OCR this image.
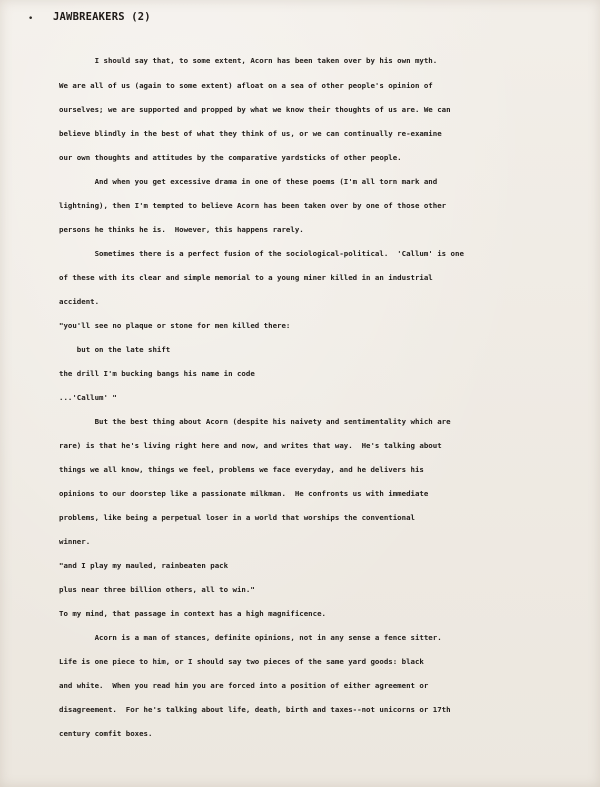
• JAWBREAKERS (2)
I should say that, to some extent, Acorn has been taken over by his own myth.
We are all of us (again to some extent) afloat on a sea of other people's opinion of
ourselves; we are supported and propped by what we know their thoughts of us are. We can
believe blindly in the best of what they think of us, or we can continually re-examine
our own thoughts and attitudes by the comparative yardsticks of other people.
And when you get excessive drama in one of these poems (I'm all torn mark and
lightning), then I'm tempted to believe Acorn has been taken over by one of those other
persons he thinks he is.  However, this happens rarely.
Sometimes there is a perfect fusion of the sociological-political.  'Callum' is one
of these with its clear and simple memorial to a young miner killed in an industrial
accident.
"you'll see no plaque or stone for men killed there:
but on the late shift
the drill I'm bucking bangs his name in code
...'Callum' "
But the best thing about Acorn (despite his naivety and sentimentality which are
rare) is that he's living right here and now, and writes that way.  He's talking about
things we all know, things we feel, problems we face everyday, and he delivers his
opinions to our doorstep like a passionate milkman.  He confronts us with immediate
problems, like being a perpetual loser in a world that worships the conventional
winner.
"and I play my mauled, rainbeaten pack
plus near three billion others, all to win."
To my mind, that passage in context has a high magnificence.
Acorn is a man of stances, definite opinions, not in any sense a fence sitter.
Life is one piece to him, or I should say two pieces of the same yard goods: black
and white.  When you read him you are forced into a position of either agreement or
disagreement.  For he's talking about life, death, birth and taxes--not unicorns or 17th
century comfit boxes.
